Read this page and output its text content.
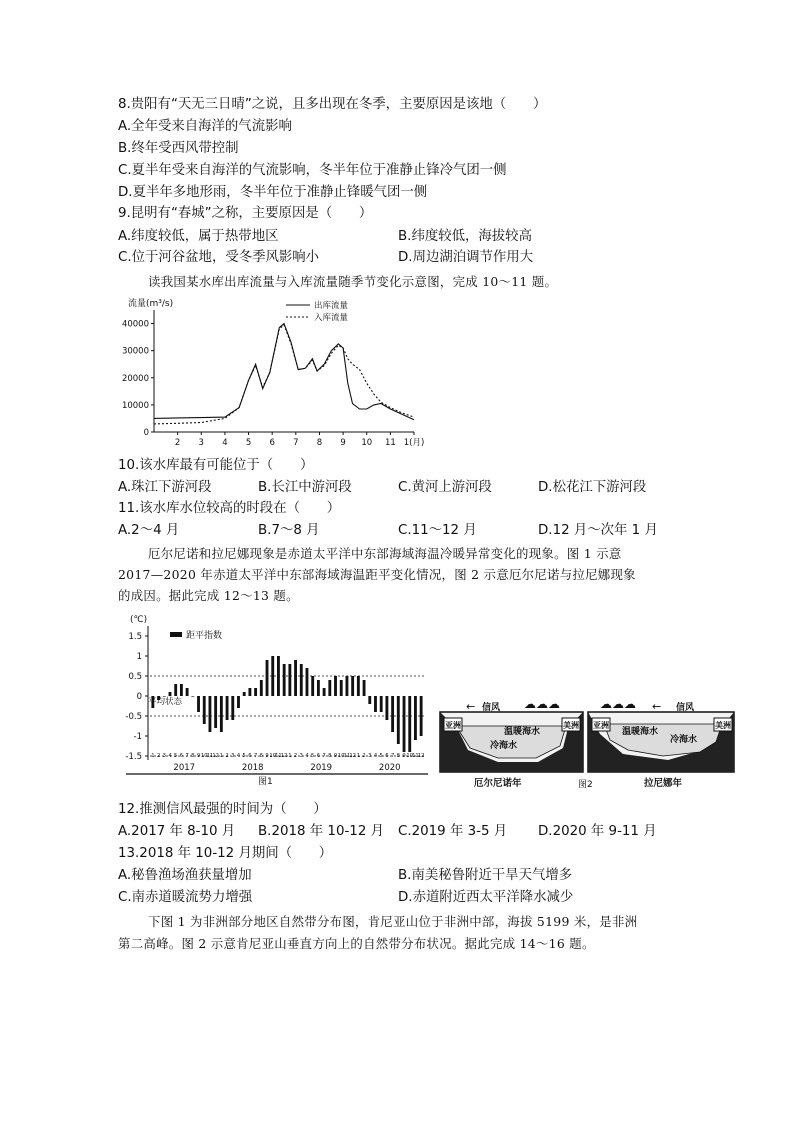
8.贵阳有“天无三日晴”之说，且多出现在冬季，主要原因是该地（　　）
A.全年受来自海洋的气流影响
B.终年受西风带控制
C.夏半年受来自海洋的气流影响，冬半年位于准静止锋冷气团一侧
D.夏半年多地形雨，冬半年位于准静止锋暖气团一侧
9.昆明有“春城”之称，主要原因是（　　）
A.纬度较低，属于热带地区	B.纬度较低，海拔较高
C.位于河谷盆地，受冬季风影响小	D.周边湖泊调节作用大
读我国某水库出库流量与入库流量随季节变化示意图，完成 10～11 题。
流量(m³/s)
0
10000
20000
30000
40000
2 3 4 5 6 7 8 9 10 11 1(月)
出库流量
入库流量
10.该水库最有可能位于（　　）
A.珠江下游河段	B.长江中游河段	C.黄河上游河段	D.松花江下游河段
11.该水库水位较高的时段在（　　）
A.2～4 月	B.7～8 月	C.11～12 月	D.12 月～次年 1 月
厄尔尼诺和拉尼娜现象是赤道太平洋中东部海域海温冷暖异常变化的现象。图 1 示意
2017—2020 年赤道太平洋中东部海域海温距平变化情况，图 2 示意厄尔尼诺与拉尼娜现象
的成因。据此完成 12～13 题。
(℃)
距平指数
1.5
1
0.5
0
-0.5
-1
-1.5
平均状态
1 2 3 4 5 6 7 8 9 10 11 12 1 2 3 4 5 6 7 8 9 10 11 12 1 2 3 4 5 6 7 8 9 10 11 12 1 2 3 4 5 6 7 8 9 10 11 12
2017	2018	2019	2020
图1
亚洲	美洲
温暖海水
冷海水
信风
←	☁☁☁
厄尔尼诺年
亚洲	美洲
温暖海水
冷海水
信风
←
☁☁☁
拉尼娜年
图2
12.推测信风最强的时间为（　　）
A.2017 年 8-10 月 B.2018 年 10-12 月 C.2019 年 3-5 月 D.2020 年 9-11 月
13.2018 年 10-12 月期间（　　）
A.秘鲁渔场渔获量增加	B.南美秘鲁附近干旱天气增多
C.南赤道暖流势力增强	D.赤道附近西太平洋降水减少
下图 1 为非洲部分地区自然带分布图，肯尼亚山位于非洲中部，海拔 5199 米，是非洲
第二高峰。图 2 示意肯尼亚山垂直方向上的自然带分布状况。据此完成 14～16 题。
